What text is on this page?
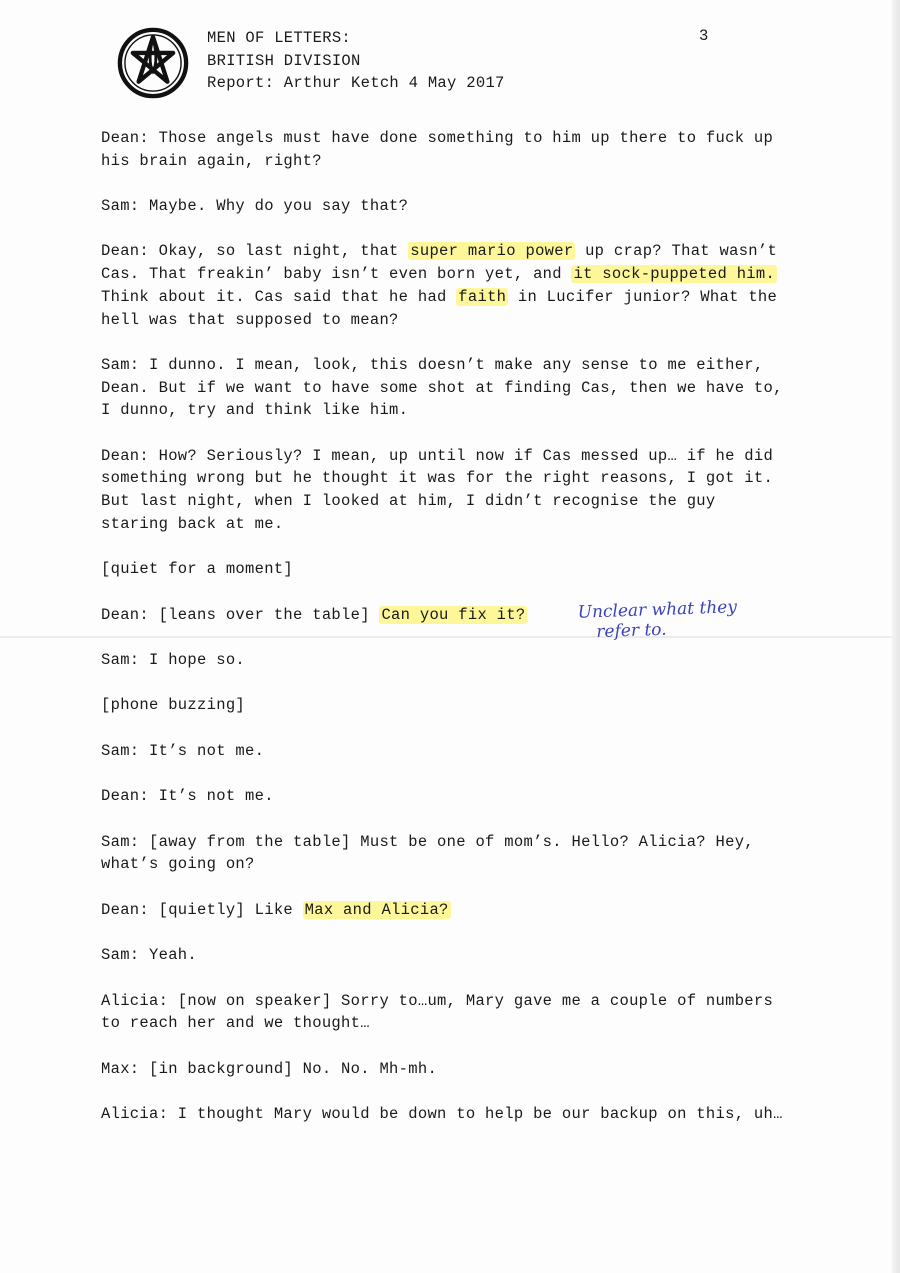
MEN OF LETTERS:
BRITISH DIVISION
Report: Arthur Ketch 4 May 2017
3

Dean: Those angels must have done something to him up there to fuck up his brain again, right?

Sam: Maybe. Why do you say that?

Dean: Okay, so last night, that super mario power up crap? That wasn’t Cas. That freakin’ baby isn’t even born yet, and it sock-puppeted him. Think about it. Cas said that he had faith in Lucifer junior? What the hell was that supposed to mean?

Sam: I dunno. I mean, look, this doesn’t make any sense to me either, Dean. But if we want to have some shot at finding Cas, then we have to, I dunno, try and think like him.

Dean: How? Seriously? I mean, up until now if Cas messed up… if he did something wrong but he thought it was for the right reasons, I got it. But last night, when I looked at him, I didn’t recognise the guy staring back at me.

[quiet for a moment]

Dean: [leans over the table] Can you fix it?

Sam: I hope so.

[phone buzzing]

Sam: It’s not me.

Dean: It’s not me.

Sam: [away from the table] Must be one of mom’s. Hello? Alicia? Hey, what’s going on?

Dean: [quietly] Like Max and Alicia?

Sam: Yeah.

Alicia: [now on speaker] Sorry to…um, Mary gave me a couple of numbers to reach her and we thought…

Max: [in background] No. No. Mh-mh.

Alicia: I thought Mary would be down to help be our backup on this, uh…

Unclear what they
refer to.
